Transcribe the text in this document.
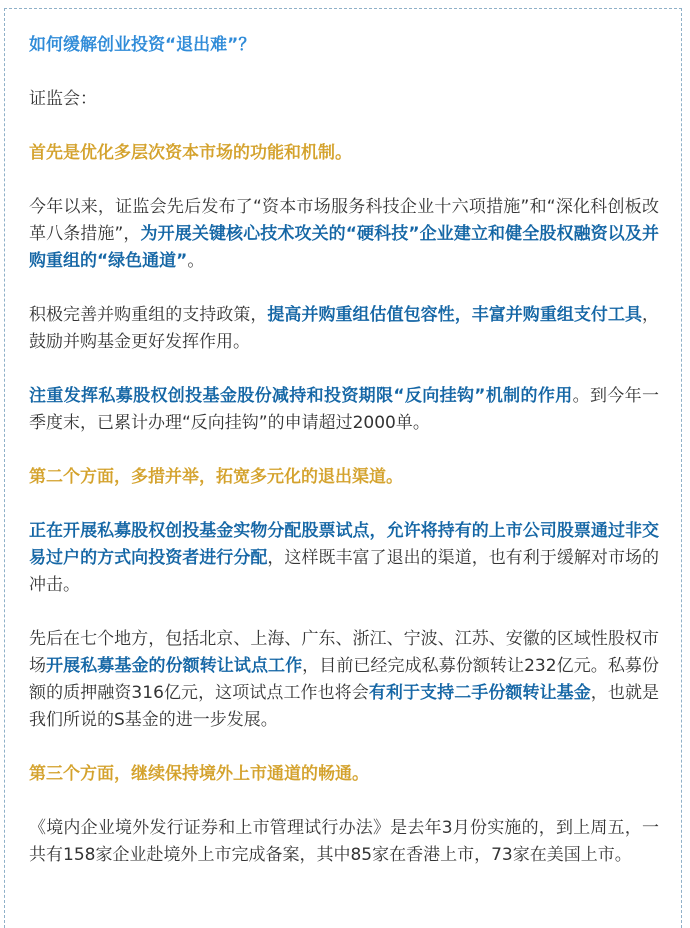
如何缓解创业投资“退出难”？

证监会：

首先是优化多层次资本市场的功能和机制。

今年以来，证监会先后发布了“资本市场服务科技企业十六项措施”和“深化科创板改革八条措施”，为开展关键核心技术攻关的“硬科技”企业建立和健全股权融资以及并购重组的“绿色通道”。

积极完善并购重组的支持政策，提高并购重组估值包容性，丰富并购重组支付工具，鼓励并购基金更好发挥作用。

注重发挥私募股权创投基金股份减持和投资期限“反向挂钩”机制的作用。到今年一季度末，已累计办理“反向挂钩”的申请超过2000单。

第二个方面，多措并举，拓宽多元化的退出渠道。

正在开展私募股权创投基金实物分配股票试点，允许将持有的上市公司股票通过非交易过户的方式向投资者进行分配，这样既丰富了退出的渠道，也有利于缓解对市场的冲击。

先后在七个地方，包括北京、上海、广东、浙江、宁波、江苏、安徽的区域性股权市场开展私募基金的份额转让试点工作，目前已经完成私募份额转让232亿元。私募份额的质押融资316亿元，这项试点工作也将会有利于支持二手份额转让基金，也就是我们所说的S基金的进一步发展。

第三个方面，继续保持境外上市通道的畅通。

《境内企业境外发行证券和上市管理试行办法》是去年3月份实施的，到上周五，一共有158家企业赴境外上市完成备案，其中85家在香港上市，73家在美国上市。
